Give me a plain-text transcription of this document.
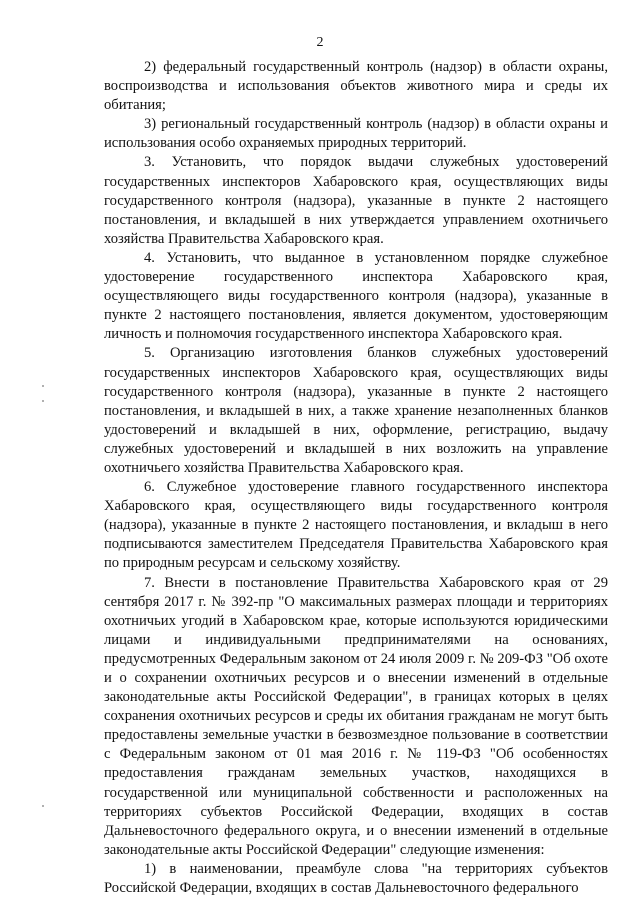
2

2) федеральный государственный контроль (надзор) в области охраны, воспроизводства и использования объектов животного мира и среды их обитания;

3) региональный государственный контроль (надзор) в области охраны и использования особо охраняемых природных территорий.

3. Установить, что порядок выдачи служебных удостоверений государственных инспекторов Хабаровского края, осуществляющих виды государственного контроля (надзора), указанные в пункте 2 настоящего постановления, и вкладышей в них утверждается управлением охотничьего хозяйства Правительства Хабаровского края.

4. Установить, что выданное в установленном порядке служебное удостоверение государственного инспектора Хабаровского края, осуществляющего виды государственного контроля (надзора), указанные в пункте 2 настоящего постановления, является документом, удостоверяющим личность и полномочия государственного инспектора Хабаровского края.

5. Организацию изготовления бланков служебных удостоверений государственных инспекторов Хабаровского края, осуществляющих виды государственного контроля (надзора), указанные в пункте 2 настоящего постановления, и вкладышей в них, а также хранение незаполненных бланков удостоверений и вкладышей в них, оформление, регистрацию, выдачу служебных удостоверений и вкладышей в них возложить на управление охотничьего хозяйства Правительства Хабаровского края.

6. Служебное удостоверение главного государственного инспектора Хабаровского края, осуществляющего виды государственного контроля (надзора), указанные в пункте 2 настоящего постановления, и вкладыш в него подписываются заместителем Председателя Правительства Хабаровского края по природным ресурсам и сельскому хозяйству.

7. Внести в постановление Правительства Хабаровского края от 29 сентября 2017 г. № 392-пр "О максимальных размерах площади и территориях охотничьих угодий в Хабаровском крае, которые используются юридическими лицами и индивидуальными предпринимателями на основаниях, предусмотренных Федеральным законом от 24 июля 2009 г. № 209-ФЗ "Об охоте и о сохранении охотничьих ресурсов и о внесении изменений в отдельные законодательные акты Российской Федерации", в границах которых в целях сохранения охотничьих ресурсов и среды их обитания гражданам не могут быть предоставлены земельные участки в безвозмездное пользование в соответствии с Федеральным законом от 01 мая 2016 г. № 119-ФЗ "Об особенностях предоставления гражданам земельных участков, находящихся в государственной или муниципальной собственности и расположенных на территориях субъектов Российской Федерации, входящих в состав Дальневосточного федерального округа, и о внесении изменений в отдельные законодательные акты Российской Федерации" следующие изменения:

1) в наименовании, преамбуле слова "на территориях субъектов Российской Федерации, входящих в состав Дальневосточного федерального
